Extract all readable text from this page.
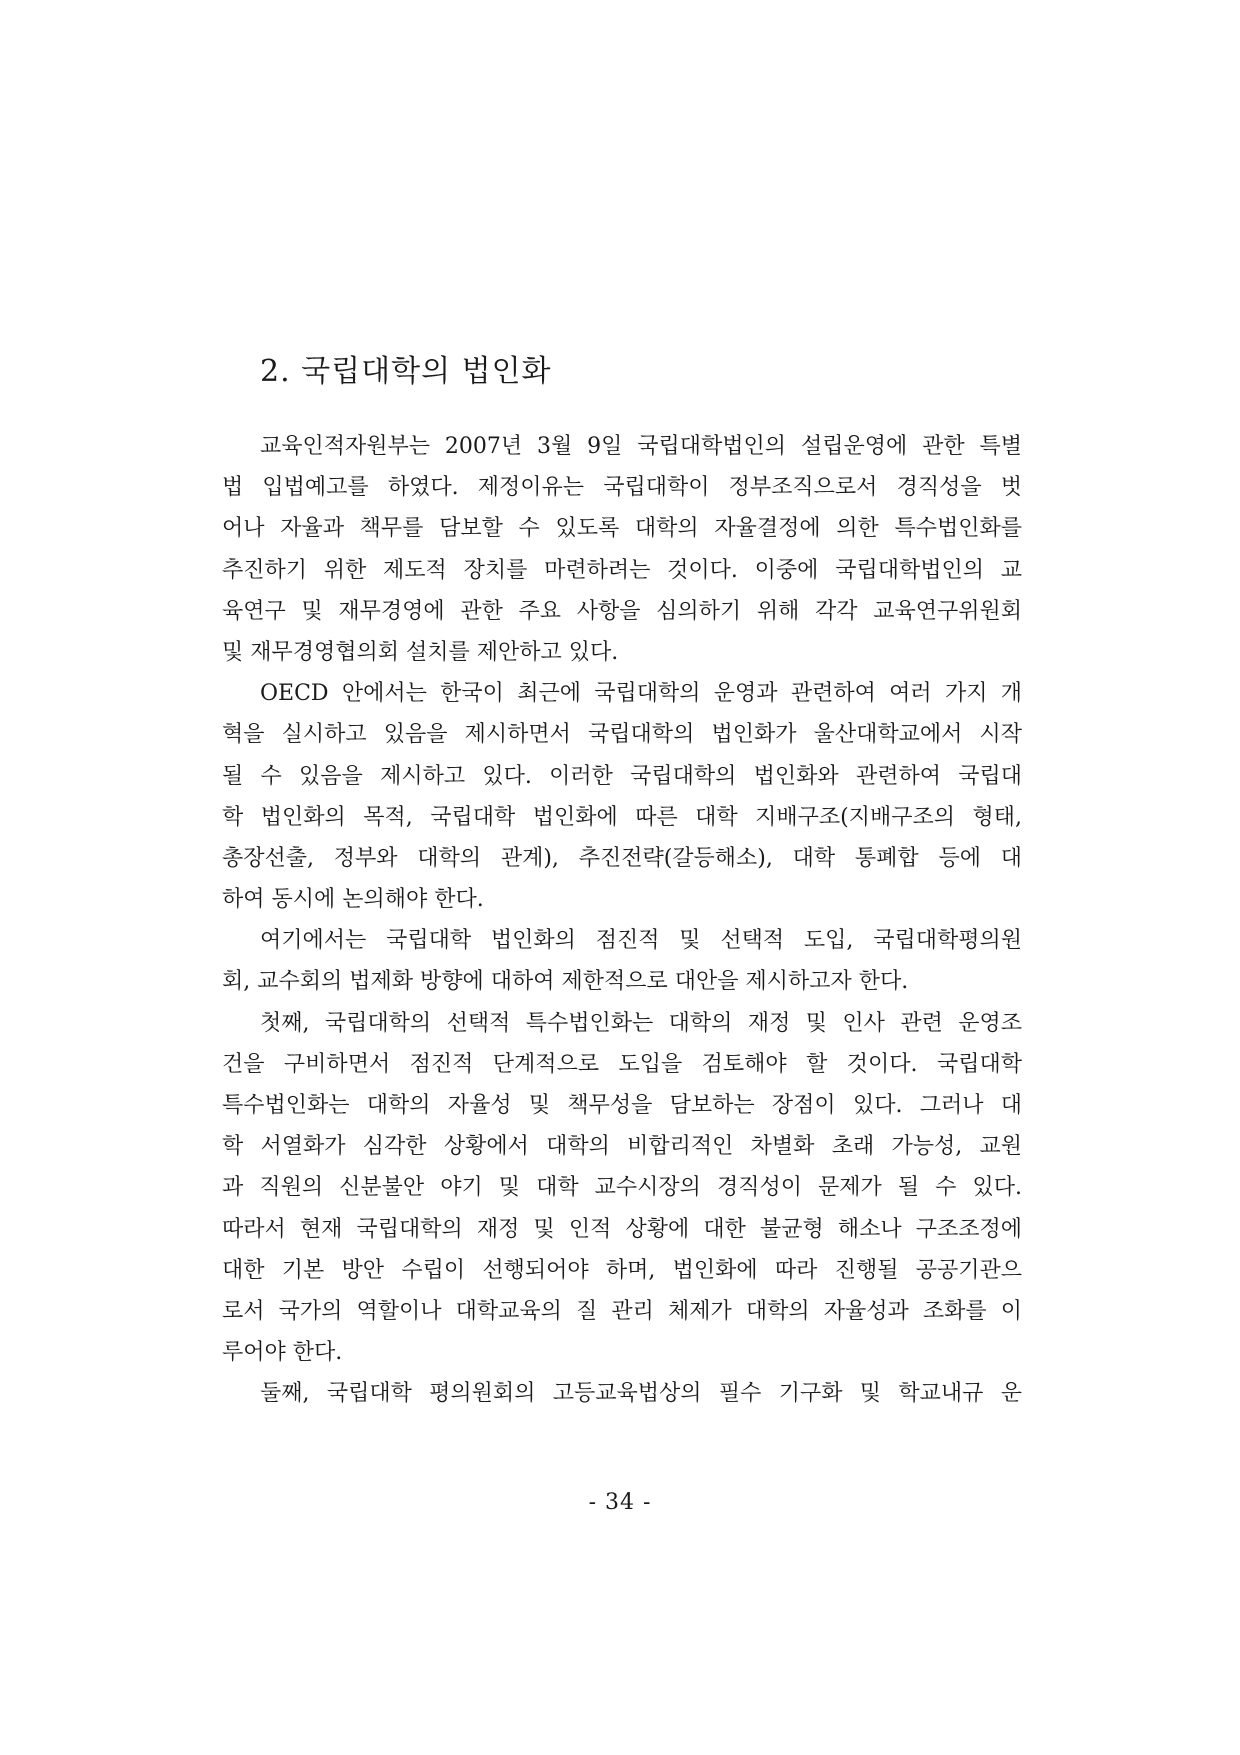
2. 국립대학의 법인화
교육인적자원부는 2007년 3월 9일 국립대학법인의 설립운영에 관한 특별
법 입법예고를 하였다. 제정이유는 국립대학이 정부조직으로서 경직성을 벗
어나 자율과 책무를 담보할 수 있도록 대학의 자율결정에 의한 특수법인화를
추진하기 위한 제도적 장치를 마련하려는 것이다. 이중에 국립대학법인의 교
육연구 및 재무경영에 관한 주요 사항을 심의하기 위해 각각 교육연구위원회
및 재무경영협의회 설치를 제안하고 있다.
OECD 안에서는 한국이 최근에 국립대학의 운영과 관련하여 여러 가지 개
혁을 실시하고 있음을 제시하면서 국립대학의 법인화가 울산대학교에서 시작
될 수 있음을 제시하고 있다. 이러한 국립대학의 법인화와 관련하여 국립대
학 법인화의 목적, 국립대학 법인화에 따른 대학 지배구조(지배구조의 형태,
총장선출, 정부와 대학의 관계), 추진전략(갈등해소), 대학 통폐합 등에 대
하여 동시에 논의해야 한다.
여기에서는 국립대학 법인화의 점진적 및 선택적 도입, 국립대학평의원
회, 교수회의 법제화 방향에 대하여 제한적으로 대안을 제시하고자 한다.
첫째, 국립대학의 선택적 특수법인화는 대학의 재정 및 인사 관련 운영조
건을 구비하면서 점진적 단계적으로 도입을 검토해야 할 것이다. 국립대학
특수법인화는 대학의 자율성 및 책무성을 담보하는 장점이 있다. 그러나 대
학 서열화가 심각한 상황에서 대학의 비합리적인 차별화 초래 가능성, 교원
과 직원의 신분불안 야기 및 대학 교수시장의 경직성이 문제가 될 수 있다.
따라서 현재 국립대학의 재정 및 인적 상황에 대한 불균형 해소나 구조조정에
대한 기본 방안 수립이 선행되어야 하며, 법인화에 따라 진행될 공공기관으
로서 국가의 역할이나 대학교육의 질 관리 체제가 대학의 자율성과 조화를 이
루어야 한다.
둘째, 국립대학 평의원회의 고등교육법상의 필수 기구화 및 학교내규 운
- 34 -
